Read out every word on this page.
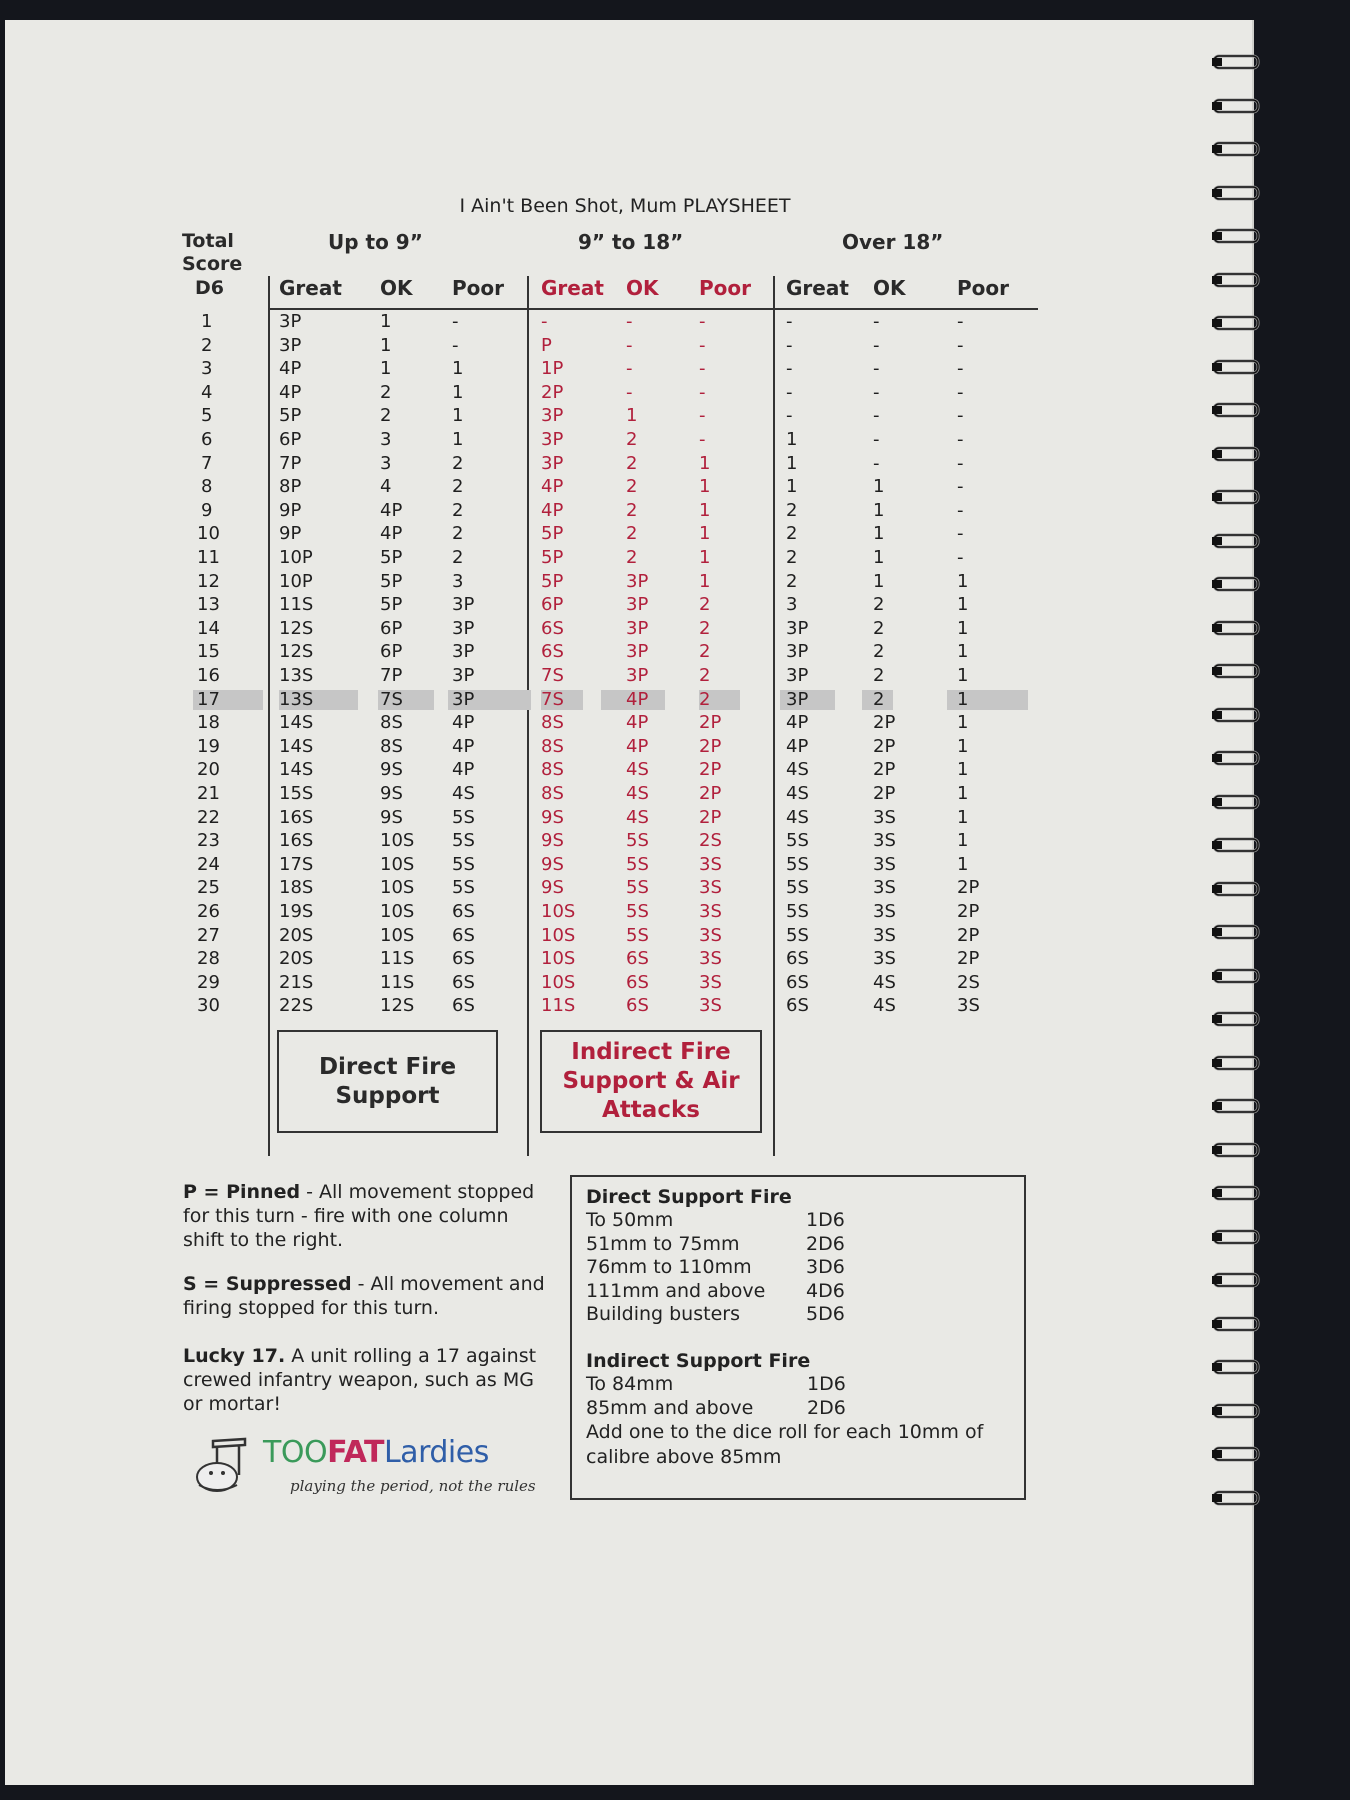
I Ain't Been Shot, Mum PLAYSHEET
Total
Score
D6
Up to 9”	9” to 18”	Over 18”
Great OK Poor Great OK Poor Great OK	Poor
1	3P	1	-	-	-	-	-	-	-
2	3P	1	-	P	-	-	-	-	-
3	4P	1	1	1P	-	-	-	-	-
4	4P	2	1	2P	-	-	-	-	-
5	5P	2	1	3P	1	-	-	-	-
6	6P	3	1	3P	2	-	1	-	-
7	7P	3	2	3P	2	1	1	-	-
8	8P	4	2	4P	2	1	1	1	-
9	9P	4P	2	4P	2	1	2	1	-
10	9P	4P	2	5P	2	1	2	1	-
11	10P	5P	2	5P	2	1	2	1	-
12	10P	5P	3	5P	3P	1	2	1	1
13	11S	5P	3P	6P	3P	2	3	2	1
14	12S	6P	3P	6S	3P	2	3P	2	1
15	12S	6P	3P	6S	3P	2	3P	2	1
16	13S	7P	3P	7S	3P	2	3P	2	1
17	13S	7S	3P	7S	4P	2	3P	2	1
18	14S	8S	4P	8S	4P	2P	4P	2P	1
19	14S	8S	4P	8S	4P	2P	4P	2P	1
20	14S	9S	4P	8S	4S	2P	4S	2P	1
21	15S	9S	4S	8S	4S	2P	4S	2P	1
22	16S	9S	5S	9S	4S	2P	4S	3S	1
23	16S	10S 5S	9S	5S	2S	5S	3S	1
24	17S	10S 5S	9S	5S	3S	5S	3S	1
25	18S	10S 5S	9S	5S	3S	5S	3S	2P
26	19S	10S 6S	10S	5S	3S	5S	3S	2P
27	20S	10S 6S	10S	5S	3S	5S	3S	2P
28	20S	11S 6S	10S	6S	3S	6S	3S	2P
29	21S	11S 6S	10S	6S	3S	6S	4S	2S
30	22S	12S 6S	11S	6S	3S	6S	4S	3S
Direct Fire
Support
Indirect Fire
Support & Air
Attacks
P = Pinned - All movement stopped for this turn - fire with one column shift to the right.
S = Suppressed - All movement and firing stopped for this turn.
Lucky 17. A unit rolling a 17 against crewed infantry weapon, such as MG or mortar!
Direct Support Fire
To 50mm	1D6
51mm to 75mm	2D6
76mm to 110mm	3D6
111mm and above 4D6
Building busters	5D6
Indirect Support Fire
To 84mm	1D6
85mm and above	2D6
Add one to the dice roll for each 10mm of
calibre above 85mm
TOOFATLardies
playing the period, not the rules
